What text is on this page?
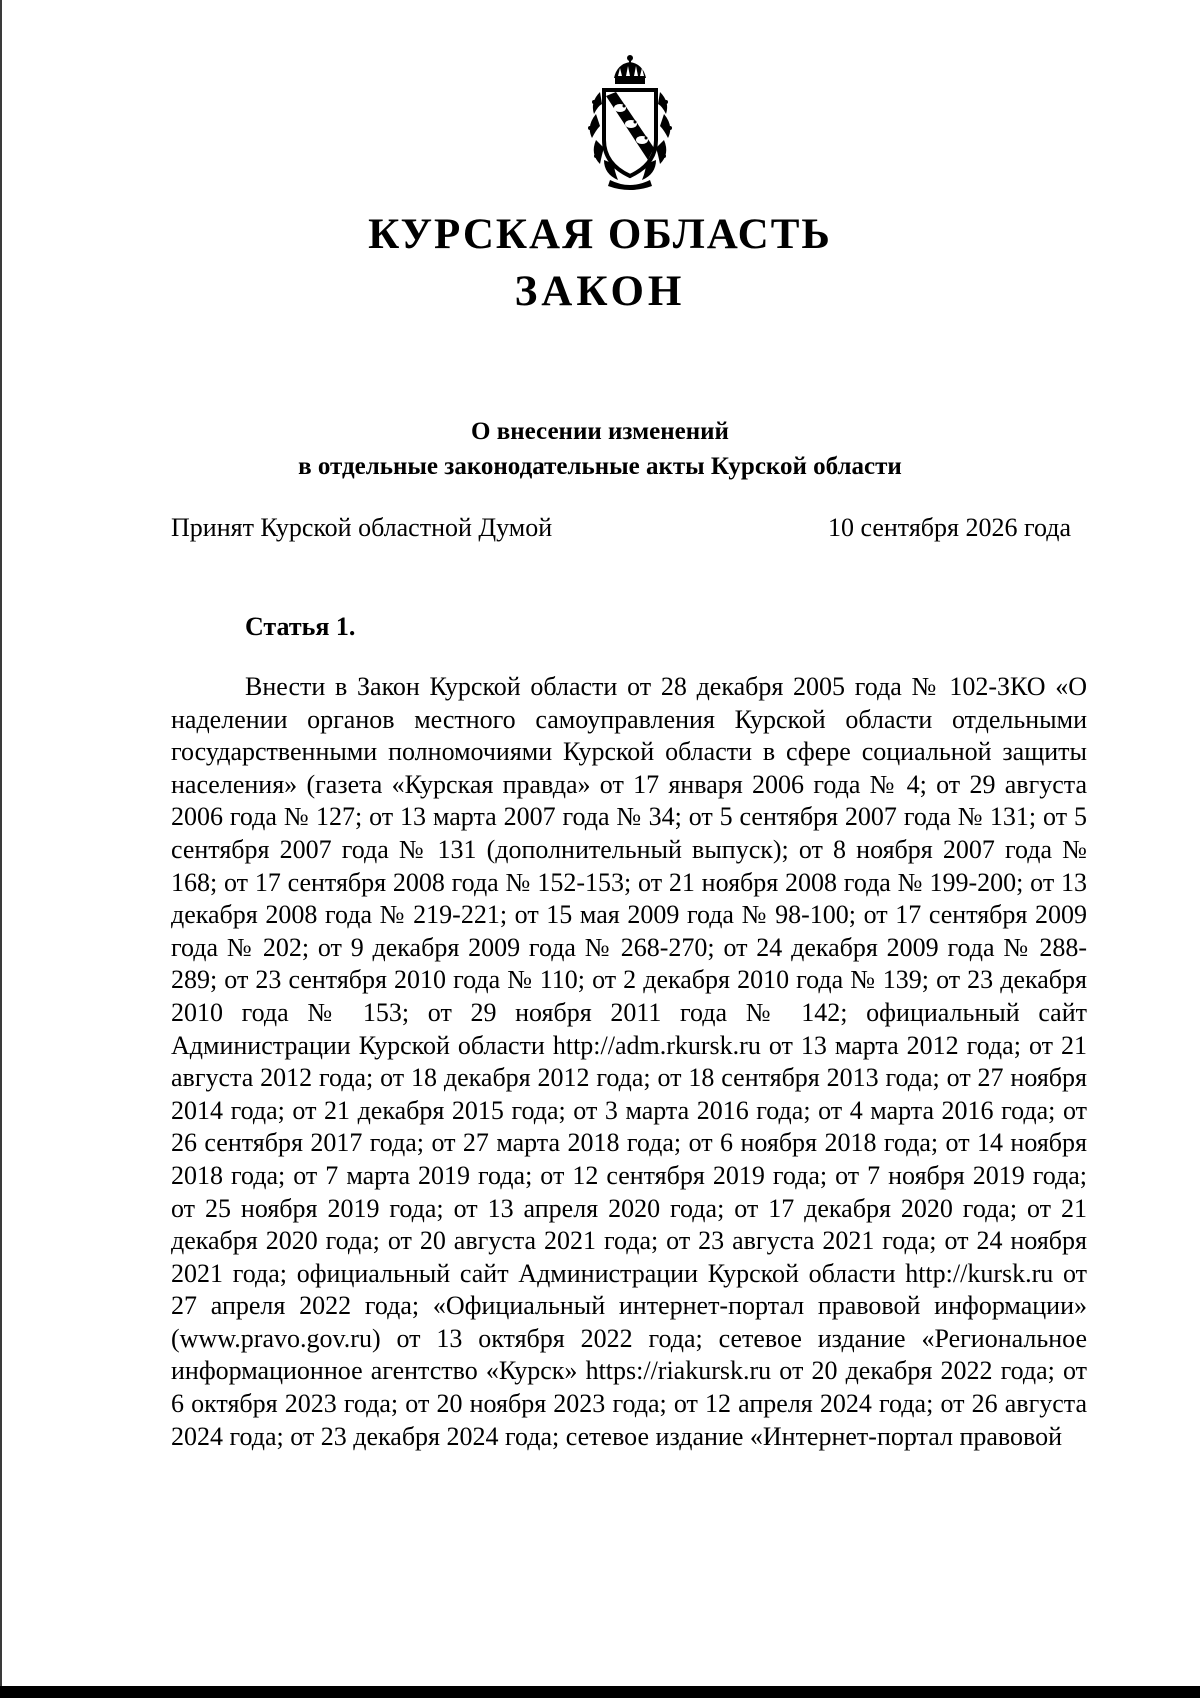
КУРСКАЯ ОБЛАСТЬ
ЗАКОН
О внесении изменений
в отдельные законодательные акты Курской области
Принят Курской областной Думой	10 сентября 2026 года
Статья 1.

Внести в Закон Курской области от 28 декабря 2005 года № 102-ЗКО «О наделении органов местного самоуправления Курской области отдельными государственными полномочиями Курской области в сфере социальной защиты населения» (газета «Курская правда» от 17 января 2006 года № 4; от 29 августа 2006 года № 127; от 13 марта 2007 года № 34; от 5 сентября 2007 года № 131; от 5 сентября 2007 года № 131 (дополнительный выпуск); от 8 ноября 2007 года № 168; от 17 сентября 2008 года № 152-153; от 21 ноября 2008 года № 199-200; от 13 декабря 2008 года № 219-221; от 15 мая 2009 года № 98-100; от 17 сентября 2009 года № 202; от 9 декабря 2009 года № 268-270; от 24 декабря 2009 года № 288-289; от 23 сентября 2010 года № 110; от 2 декабря 2010 года № 139; от 23 декабря 2010 года № 153; от 29 ноября 2011 года № 142; официальный сайт Администрации Курской области http://adm.rkursk.ru от 13 марта 2012 года; от 21 августа 2012 года; от 18 декабря 2012 года; от 18 сентября 2013 года; от 27 ноября 2014 года; от 21 декабря 2015 года; от 3 марта 2016 года; от 4 марта 2016 года; от 26 сентября 2017 года; от 27 марта 2018 года; от 6 ноября 2018 года; от 14 ноября 2018 года; от 7 марта 2019 года; от 12 сентября 2019 года; от 7 ноября 2019 года; от 25 ноября 2019 года; от 13 апреля 2020 года; от 17 декабря 2020 года; от 21 декабря 2020 года; от 20 августа 2021 года; от 23 августа 2021 года; от 24 ноября 2021 года; официальный сайт Администрации Курской области http://kursk.ru от 27 апреля 2022 года; «Официальный интернет-портал правовой информации» (www.pravo.gov.ru) от 13 октября 2022 года; сетевое издание «Региональное информационное агентство «Курск» https://riakursk.ru от 20 декабря 2022 года; от 6 октября 2023 года; от 20 ноября 2023 года; от 12 апреля 2024 года; от 26 августа 2024 года; от 23 декабря 2024 года; сетевое издание «Интернет-портал правовой
